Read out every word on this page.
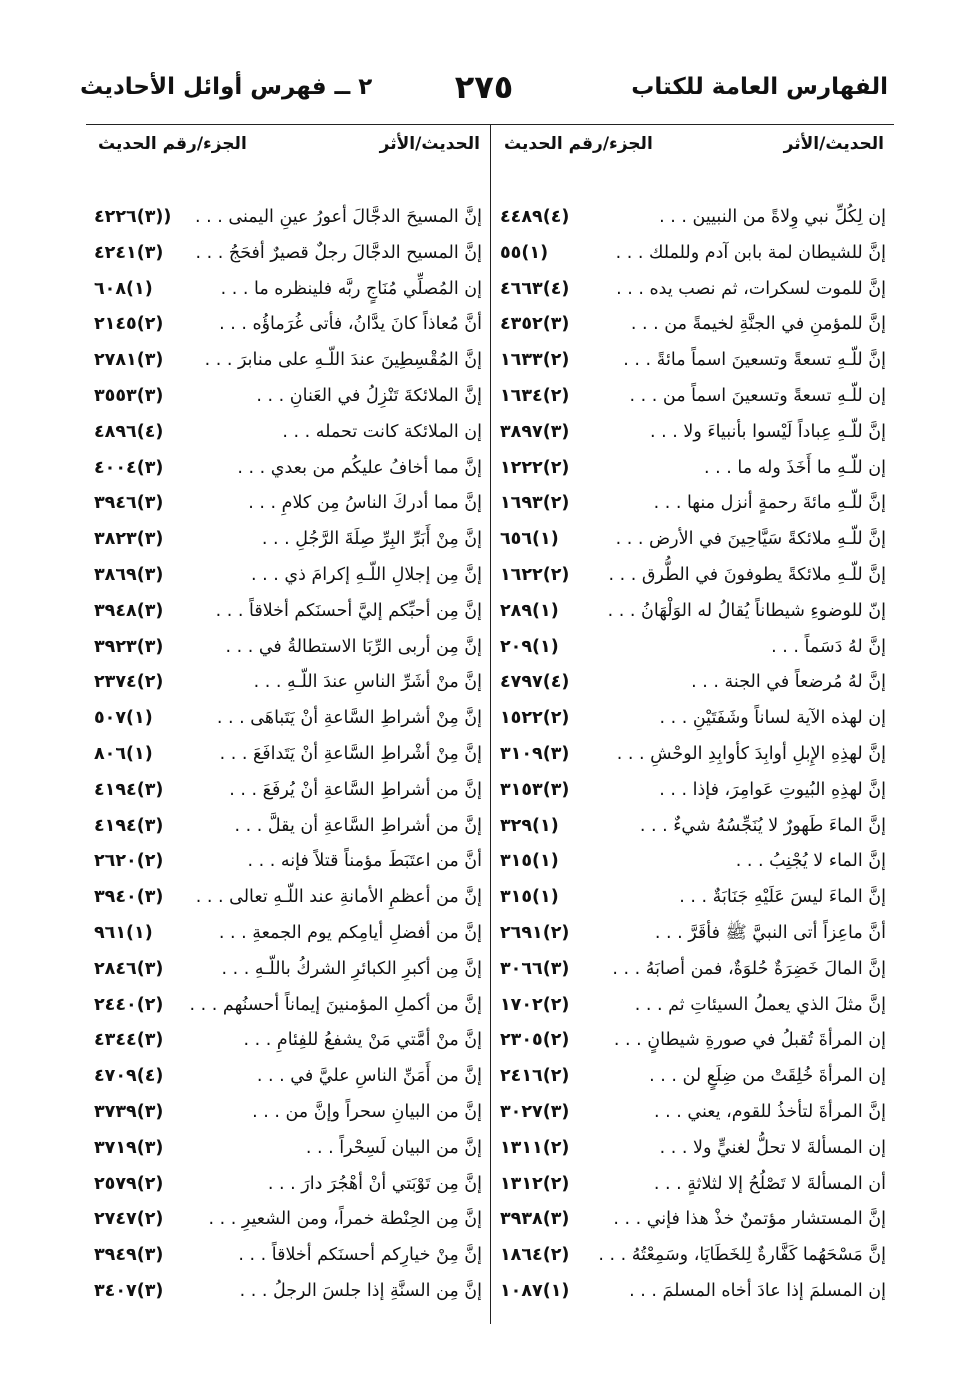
الفهارس العامة للكتاب
٢٧٥
٢ ــ فهرس أوائل الأحاديث
الحديث/الأثر
الجزء/رقم الحديث
إن لِكُلِّ نبي وِلاةً من النبيين . . .
(٤)٤٤٨٩
إنَّ للشيطان لمة بابن آدم وللملك . . .
(١)٥٥
إنَّ للموت لسكرات، ثم نصب يده . . .
(٤)٤٦٦٣
إنَّ للمؤمنِ في الجنَّةِ لخيمةً من . . .
(٣)٤٣٥٢
إنَّ للّـهِ تسعةً وتسعينَ اسماً مائةً . . .
(٢)١٦٣٣
إن للّـهِ تسعةً وتسعينَ اسماً من . . .
(٢)١٦٣٤
إنَّ للّـهِ عِباداً لَيْسوا بأنبياءَ ولا . . .
(٣)٣٨٩٧
إن للّـهِ ما أَخَذَ وله ما . . .
(٢)١٢٢٢
إنَّ للّـهِ مائةَ رحمةٍ أنزل منها . . .
(٢)١٦٩٣
إنَّ للّـهِ ملائكةً سَيَّاحِينَ في الأرض . . .
(١)٦٥٦
إنَّ للّـهِ ملائكةً يطوفونَ في الطُّرق . . .
(٢)١٦٢٢
إنّ للوضوءِ شيطاناً يُقالُ له الوَلْهَانُ . . .
(١)٢٨٩
إنَّ لهُ دَسَماً . . .
(١)٢٠٩
إنَّ لهُ مُرضعاً في الجنة . . .
(٤)٤٧٩٧
إن لهذه الآية لساناً وشَفَتَيْنِ . . .
(٢)١٥٢٢
إنَّ لهذِهِ الإِبلِ أوابِدَ كأوابِدِ الوحْشِ . . .
(٣)٣١٠٩
إنَّ لهذِهِ البُيوتِ عَوامِرَ، فإذا . . .
(٣)٣١٥٣
إنَّ الماءَ طَهورٌ لا يُنَجِّسُهُ شيءٌ . . .
(١)٣٢٩
إنَّ الماء لا يُجْنِبُ . . .
(١)٣١٥
إنَّ الماءَ ليسَ عَلَيْهِ جَنَابَةٌ . . .
(١)٣١٥
أنَّ ماعِزاً أتى النبيَّ ﷺ فأقَرَّ . . .
(٢)٢٦٩١
إنَّ المالَ خَضِرَةٌ حُلوَةٌ، فمن أصابَهُ . . .
(٣)٣٠٦٦
إنَّ مثلَ الذي يعملُ السيئاتِ ثم . . .
(٢)١٧٠٢
إن المرأةَ تُقبلُ في صورةِ شيطانٍ . . .
(٢)٢٣٠٥
إن المرأةَ خُلِقَتْ من ضِلَعٍ لن . . .
(٢)٢٤١٦
إنَّ المرأةَ لتأخذُ للقوم، يعني . . .
(٣)٣٠٢٧
إن المسألةَ لا تحلُّ لغنيٍّ ولا . . .
(٢)١٣١١
أن المسألةَ لا تَصْلُحُ إلا لثلاثةٍ . . .
(٢)١٣١٢
إنَّ المستشار مؤتمنٌ خذْ هذا فإني . . .
(٣)٣٩٣٨
إنَّ مَسْحَهُما كَفَّارةٌ لِلخَطَايَا، وسَمِعْتُهُ . . .
(٢)١٨٦٤
إن المسلمَ إذا عادَ أخاه المسلمَ . . .
(١)١٠٨٧
الحديث/الأثر
الجزء/رقم الحديث
إنَّ المسيحَ الدجَّالَ أعورُ عينِ اليمنى . . .
((٣)٤٢٢٦
إنَّ المسيح الدجَّالَ رجلٌ قصيرٌ أفحَجُ . . .
(٣)٤٢٤١
إن المُصلِّي مُنَاجٍ ربَّه فلينظره ما . . .
(١)٦٠٨
أنَّ مُعاذاً كانَ يدَّانُ، فأتى غُرَماؤُه . . .
(٢)٢١٤٥
إنَّ المُقْسِطِينَ عندَ اللّـهِ على منابرَ . . .
(٣)٢٧٨١
إنَّ الملائكةَ تَنْزِلُ في العَنانِ . . .
(٣)٣٥٥٣
إن الملائكة كانت تحمله . . .
(٤)٤٨٩٦
إنَّ مما أخافُ عليكُم من بعدي . . .
(٣)٤٠٠٤
إنَّ مما أدركَ الناسُ مِن كلامِ . . .
(٣)٣٩٤٦
إنَّ مِنْ أَبَرِّ البِرِّ صِلَةَ الرَّجُلِ . . .
(٣)٣٨٢٣
إنَّ مِن إجلالِ اللّـهِ إكرامَ ذي . . .
(٣)٣٨٦٩
إنَّ مِن أحبِّكم إليَّ أحسنَكم أخلاقاً . . .
(٣)٣٩٤٨
إنَّ مِن أربى الرِّبَا الاستطالةُ في . . .
(٣)٣٩٢٣
إنَّ منْ أشَرِّ الناسِ عندَ اللّـهِ . . .
(٢)٢٣٧٤
إنَّ مِنْ أشراطِ السَّاعةِ أنْ يَتَباهَى . . .
(١)٥٠٧
إنَّ مِنْ أشْراطِ السَّاعةِ أنْ يَتَدافَعَ . . .
(١)٨٠٦
إنَّ من أشراطِ السَّاعةِ أنْ يُرفَعَ . . .
(٣)٤١٩٤
إنَّ من أشراطِ السَّاعةِ أن يقلَّ . . .
(٣)٤١٩٤
أنَّ من اعتَبَطَ مؤمناً قتلاً فإنه . . .
(٢)٢٦٢٠
إنَّ من أعظمِ الأمانةِ عند اللّـهِ تعالى . . .
(٣)٣٩٤٠
إنَّ من أفضلِ أيامِكم يوم الجمعةِ . . .
(١)٩٦١
إنَّ مِن أكبرِ الكبائرِ الشركُ باللّـهِ . . .
(٣)٢٨٤٦
إنَّ من أكملِ المؤمنينَ إيماناً أحسنُهم . . .
(٢)٢٤٤٠
إنَّ منْ أمَّتي مَنْ يشفعُ للفِئامِ . . .
(٣)٤٣٤٤
إنَّ من أَمَنِّ الناسِ عليَّ في . . .
(٤)٤٧٠٩
إنَّ من البيانِ سحراً وإنَّ من . . .
(٣)٣٧٣٩
إنَّ من البيان لَسِحْراً . . .
(٣)٣٧١٩
إنَّ مِن تَوْبَتي أنْ أهْجُرَ دارَ . . .
(٢)٢٥٧٩
إنَّ مِن الحِنْطة خمراً، ومن الشعيرِ . . .
(٢)٢٧٤٧
إنَّ مِنْ خيارِكم أحسنَكم أخلاقاً . . .
(٣)٣٩٤٩
إنَّ مِن السنَّةِ إذا جلسَ الرجلُ . . .
(٣)٣٤٠٧
